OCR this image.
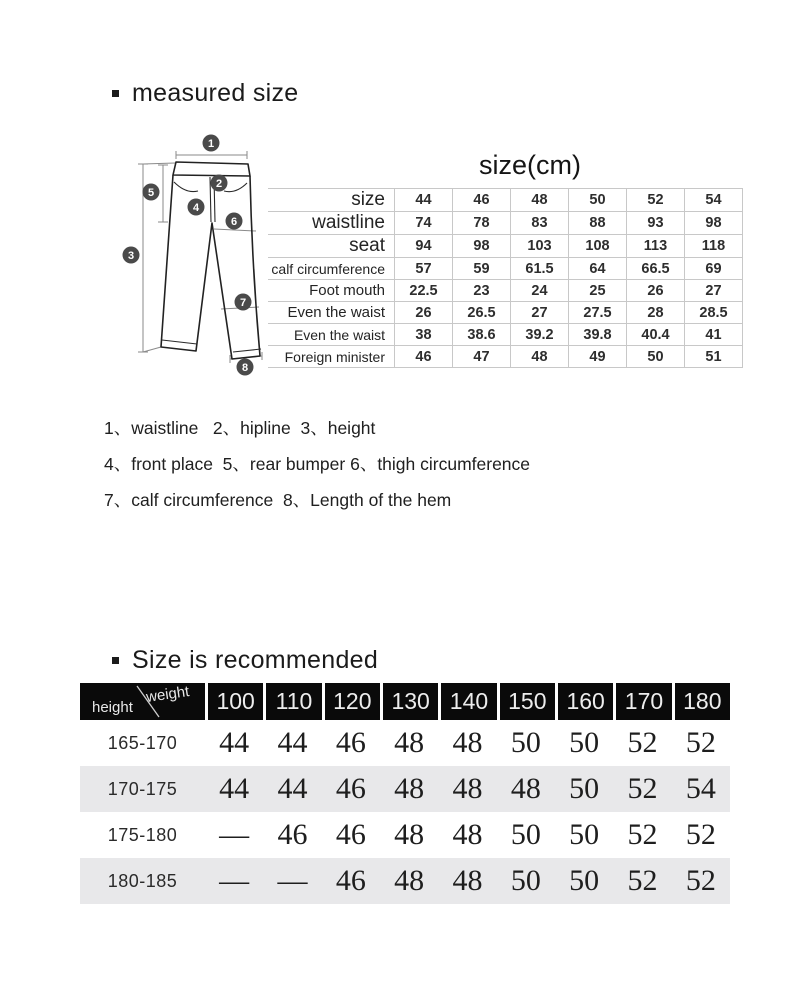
measured size
1
2
3
4
5
6
7
8
size(cm)
size	44	46	48	50	52	54
waistline	74	78	83	88	93	98
seat	94	98	103	108	113	118
calf circumference	57	59	61.5	64	66.5	69
Foot mouth	22.5	23	24	25	26	27
Even the waist	26	26.5	27	27.5	28	28.5
Even the waist	38	38.6	39.2	39.8	40.4	41
Foreign minister	46	47	48	49	50	51
1、waistline   2、hipline  3、height
4、front place  5、rear bumper 6、thigh circumference
7、calf circumference  8、Length of the hem
Size is recommended
height
weight	100 110 120 130 140 150 160 170 180
165-170	44 44 46 48 48 50 50 52 52
170-175	44 44 46 48 48 48 50 52 54
175-180	— 46 46 48 48 50 50 52 52
180-185	— — 46 48 48 50 50 52 52
